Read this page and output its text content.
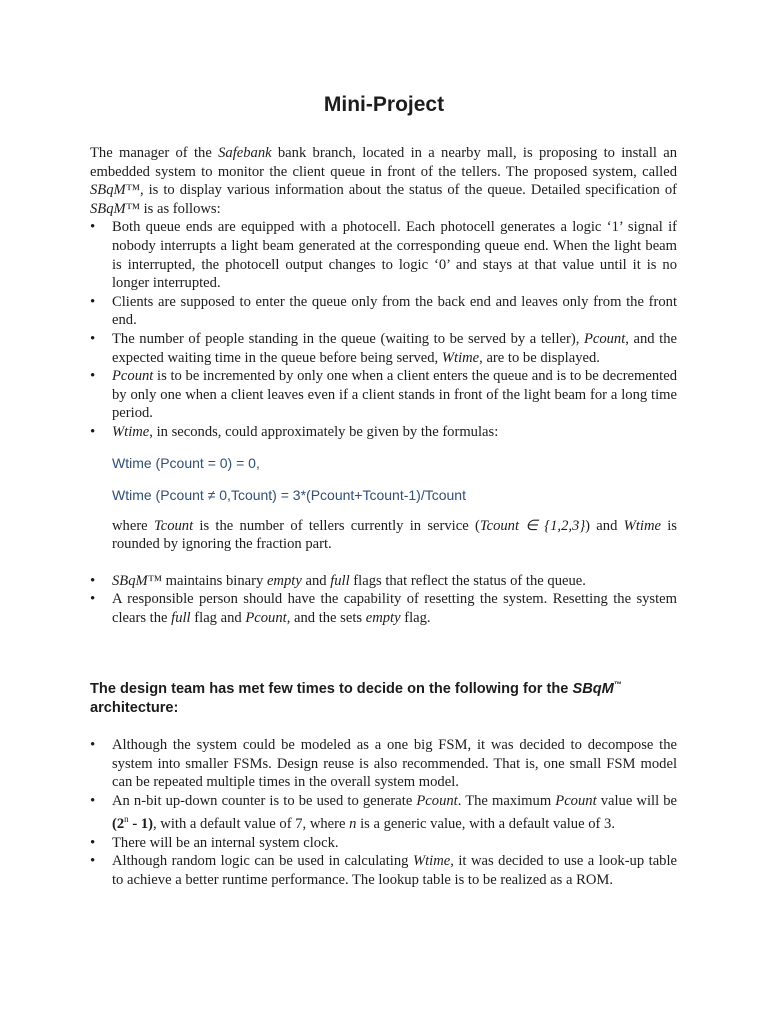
Mini-Project
The manager of the Safebank bank branch, located in a nearby mall, is proposing to install an embedded system to monitor the client queue in front of the tellers. The proposed system, called SBqM™, is to display various information about the status of the queue. Detailed specification of SBqM™ is as follows:
• Both queue ends are equipped with a photocell. Each photocell generates a logic ‘1’ signal if nobody interrupts a light beam generated at the corresponding queue end. When the light beam is interrupted, the photocell output changes to logic ‘0’ and stays at that value until it is no longer interrupted.
• Clients are supposed to enter the queue only from the back end and leaves only from the front end.
• The number of people standing in the queue (waiting to be served by a teller), Pcount, and the expected waiting time in the queue before being served, Wtime, are to be displayed.
• Pcount is to be incremented by only one when a client enters the queue and is to be decremented by only one when a client leaves even if a client stands in front of the light beam for a long time period.
• Wtime, in seconds, could approximately be given by the formulas:
Wtime (Pcount = 0) = 0,
Wtime (Pcount ≠ 0,Tcount) = 3*(Pcount+Tcount-1)/Tcount
where Tcount is the number of tellers currently in service (Tcount ∈ {1,2,3}) and Wtime is rounded by ignoring the fraction part.
• SBqM™ maintains binary empty and full flags that reflect the status of the queue.
• A responsible person should have the capability of resetting the system. Resetting the system clears the full flag and Pcount, and the sets empty flag.
The design team has met few times to decide on the following for the SBqM™ architecture:
• Although the system could be modeled as a one big FSM, it was decided to decompose the system into smaller FSMs. Design reuse is also recommended. That is, one small FSM model can be repeated multiple times in the overall system model.
• An n-bit up-down counter is to be used to generate Pcount. The maximum Pcount value will be (2$^n$ - 1), with a default value of 7, where n is a generic value, with a default value of 3.
• There will be an internal system clock.
• Although random logic can be used in calculating Wtime, it was decided to use a look-up table to achieve a better runtime performance. The lookup table is to be realized as a ROM.
